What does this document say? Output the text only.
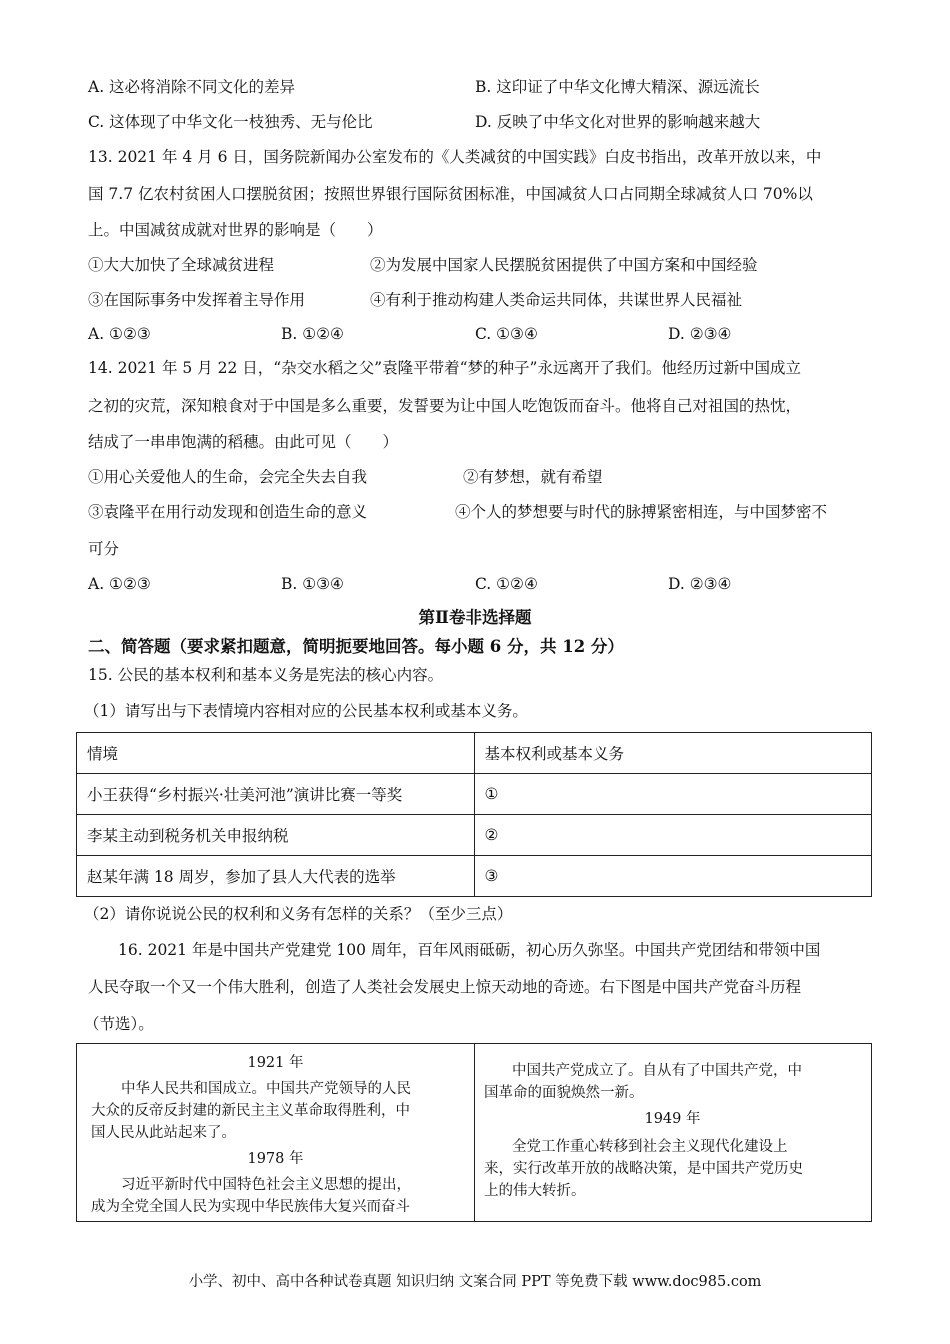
A. 这必将消除不同文化的差异	B. 这印证了中华文化博大精深、源远流长
C. 这体现了中华文化一枝独秀、无与伦比	D. 反映了中华文化对世界的影响越来越大
13. 2021 年 4 月 6 日，国务院新闻办公室发布的《人类减贫的中国实践》白皮书指出，改革开放以来，中
国 7.7 亿农村贫困人口摆脱贫困；按照世界银行国际贫困标准，中国减贫人口占同期全球减贫人口 70%以
上。中国减贫成就对世界的影响是（　　）
①大大加快了全球减贫进程	②为发展中国家人民摆脱贫困提供了中国方案和中国经验
③在国际事务中发挥着主导作用	④有利于推动构建人类命运共同体，共谋世界人民福祉
A. ①②③	B. ①②④	C. ①③④	D. ②③④
14. 2021 年 5 月 22 日，“杂交水稻之父”袁隆平带着“梦的种子”永远离开了我们。他经历过新中国成立
之初的灾荒，深知粮食对于中国是多么重要，发誓要为让中国人吃饱饭而奋斗。他将自己对祖国的热忱，
结成了一串串饱满的稻穗。由此可见（　　）
①用心关爱他人的生命，会完全失去自我	②有梦想，就有希望
③袁隆平在用行动发现和创造生命的意义	④个人的梦想要与时代的脉搏紧密相连，与中国梦密不
可分
A. ①②③	B. ①③④	C. ①②④	D. ②③④
第Ⅱ卷非选择题
二、简答题（要求紧扣题意，简明扼要地回答。每小题 6 分，共 12 分）
15. 公民的基本权利和基本义务是宪法的核心内容。
（1）请写出与下表情境内容相对应的公民基本权利或基本义务。
情境	基本权利或基本义务
小王获得“乡村振兴·壮美河池”演讲比赛一等奖	①
李某主动到税务机关申报纳税	②
赵某年满 18 周岁，参加了县人大代表的选举	③
（2）请你说说公民的权利和义务有怎样的关系？（至少三点）
16. 2021 年是中国共产党建党 100 周年，百年风雨砥砺，初心历久弥坚。中国共产党团结和带领中国
人民夺取一个又一个伟大胜利，创造了人类社会发展史上惊天动地的奇迹。右下图是中国共产党奋斗历程
（节选）。
1921 年
中华人民共和国成立。中国共产党领导的人民
大众的反帝反封建的新民主主义革命取得胜利，中
国人民从此站起来了。
1978 年
习近平新时代中国特色社会主义思想的提出，
成为全党全国人民为实现中华民族伟大复兴而奋斗
中国共产党成立了。自从有了中国共产党，中
国革命的面貌焕然一新。
1949 年
全党工作重心转移到社会主义现代化建设上
来，实行改革开放的战略决策，是中国共产党历史
上的伟大转折。
小学、初中、高中各种试卷真题 知识归纳 文案合同 PPT 等免费下载 www.doc985.com
